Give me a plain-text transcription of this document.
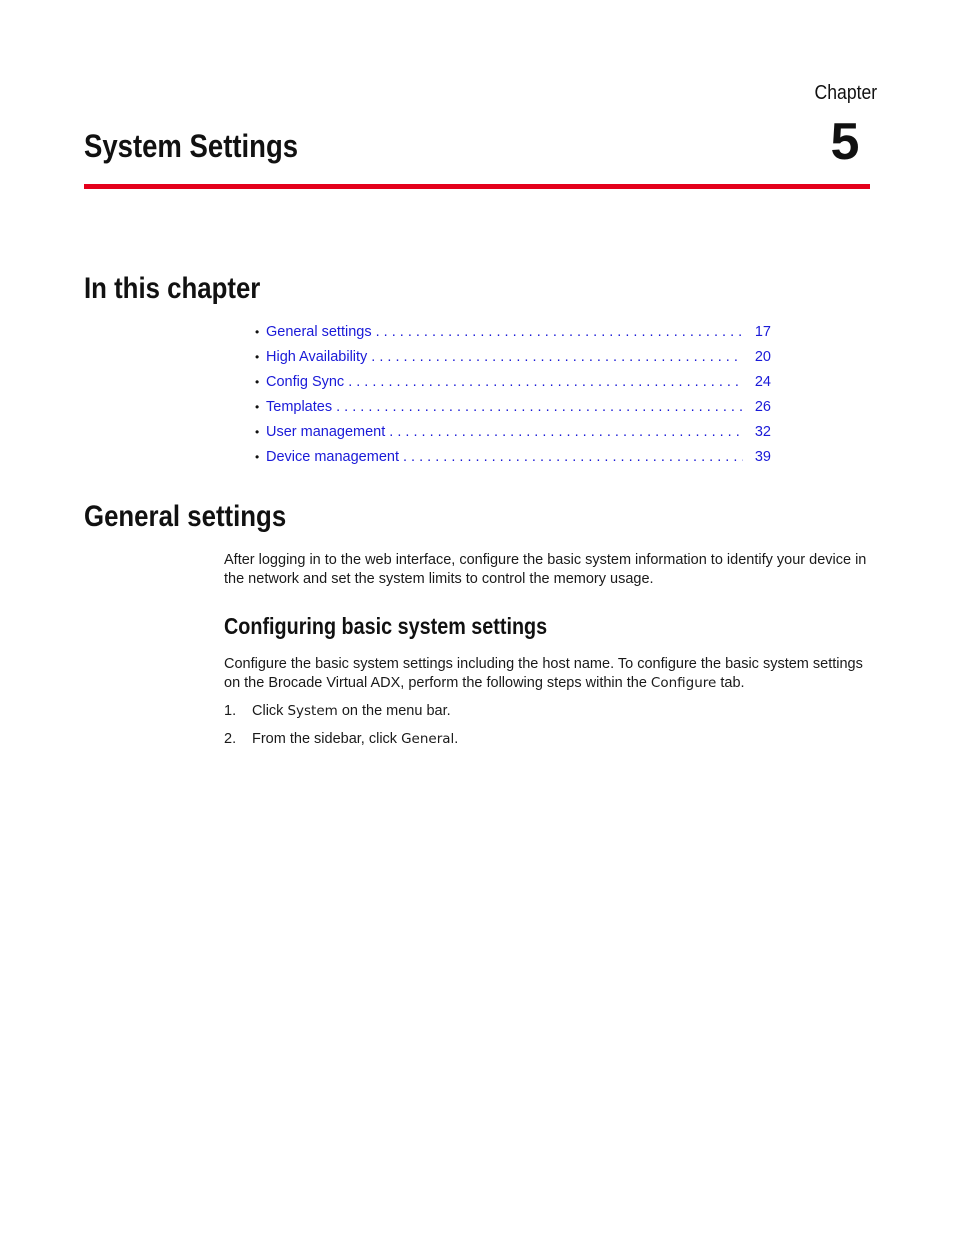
Chapter
5
System Settings
In this chapter
• General settings . . .	17
• High Availability . . .	20
• Config Sync . . .	24
• Templates . . .	26
• User management . . .	32
• Device management . . .	39
General settings

After logging in to the web interface, configure the basic system information to identify your device in the network and set the system limits to control the memory usage.

Configuring basic system settings

Configure the basic system settings including the host name. To configure the basic system settings on the Brocade Virtual ADX, perform the following steps within the Configure tab.

1.	Click System on the menu bar.
2.	From the sidebar, click General.
